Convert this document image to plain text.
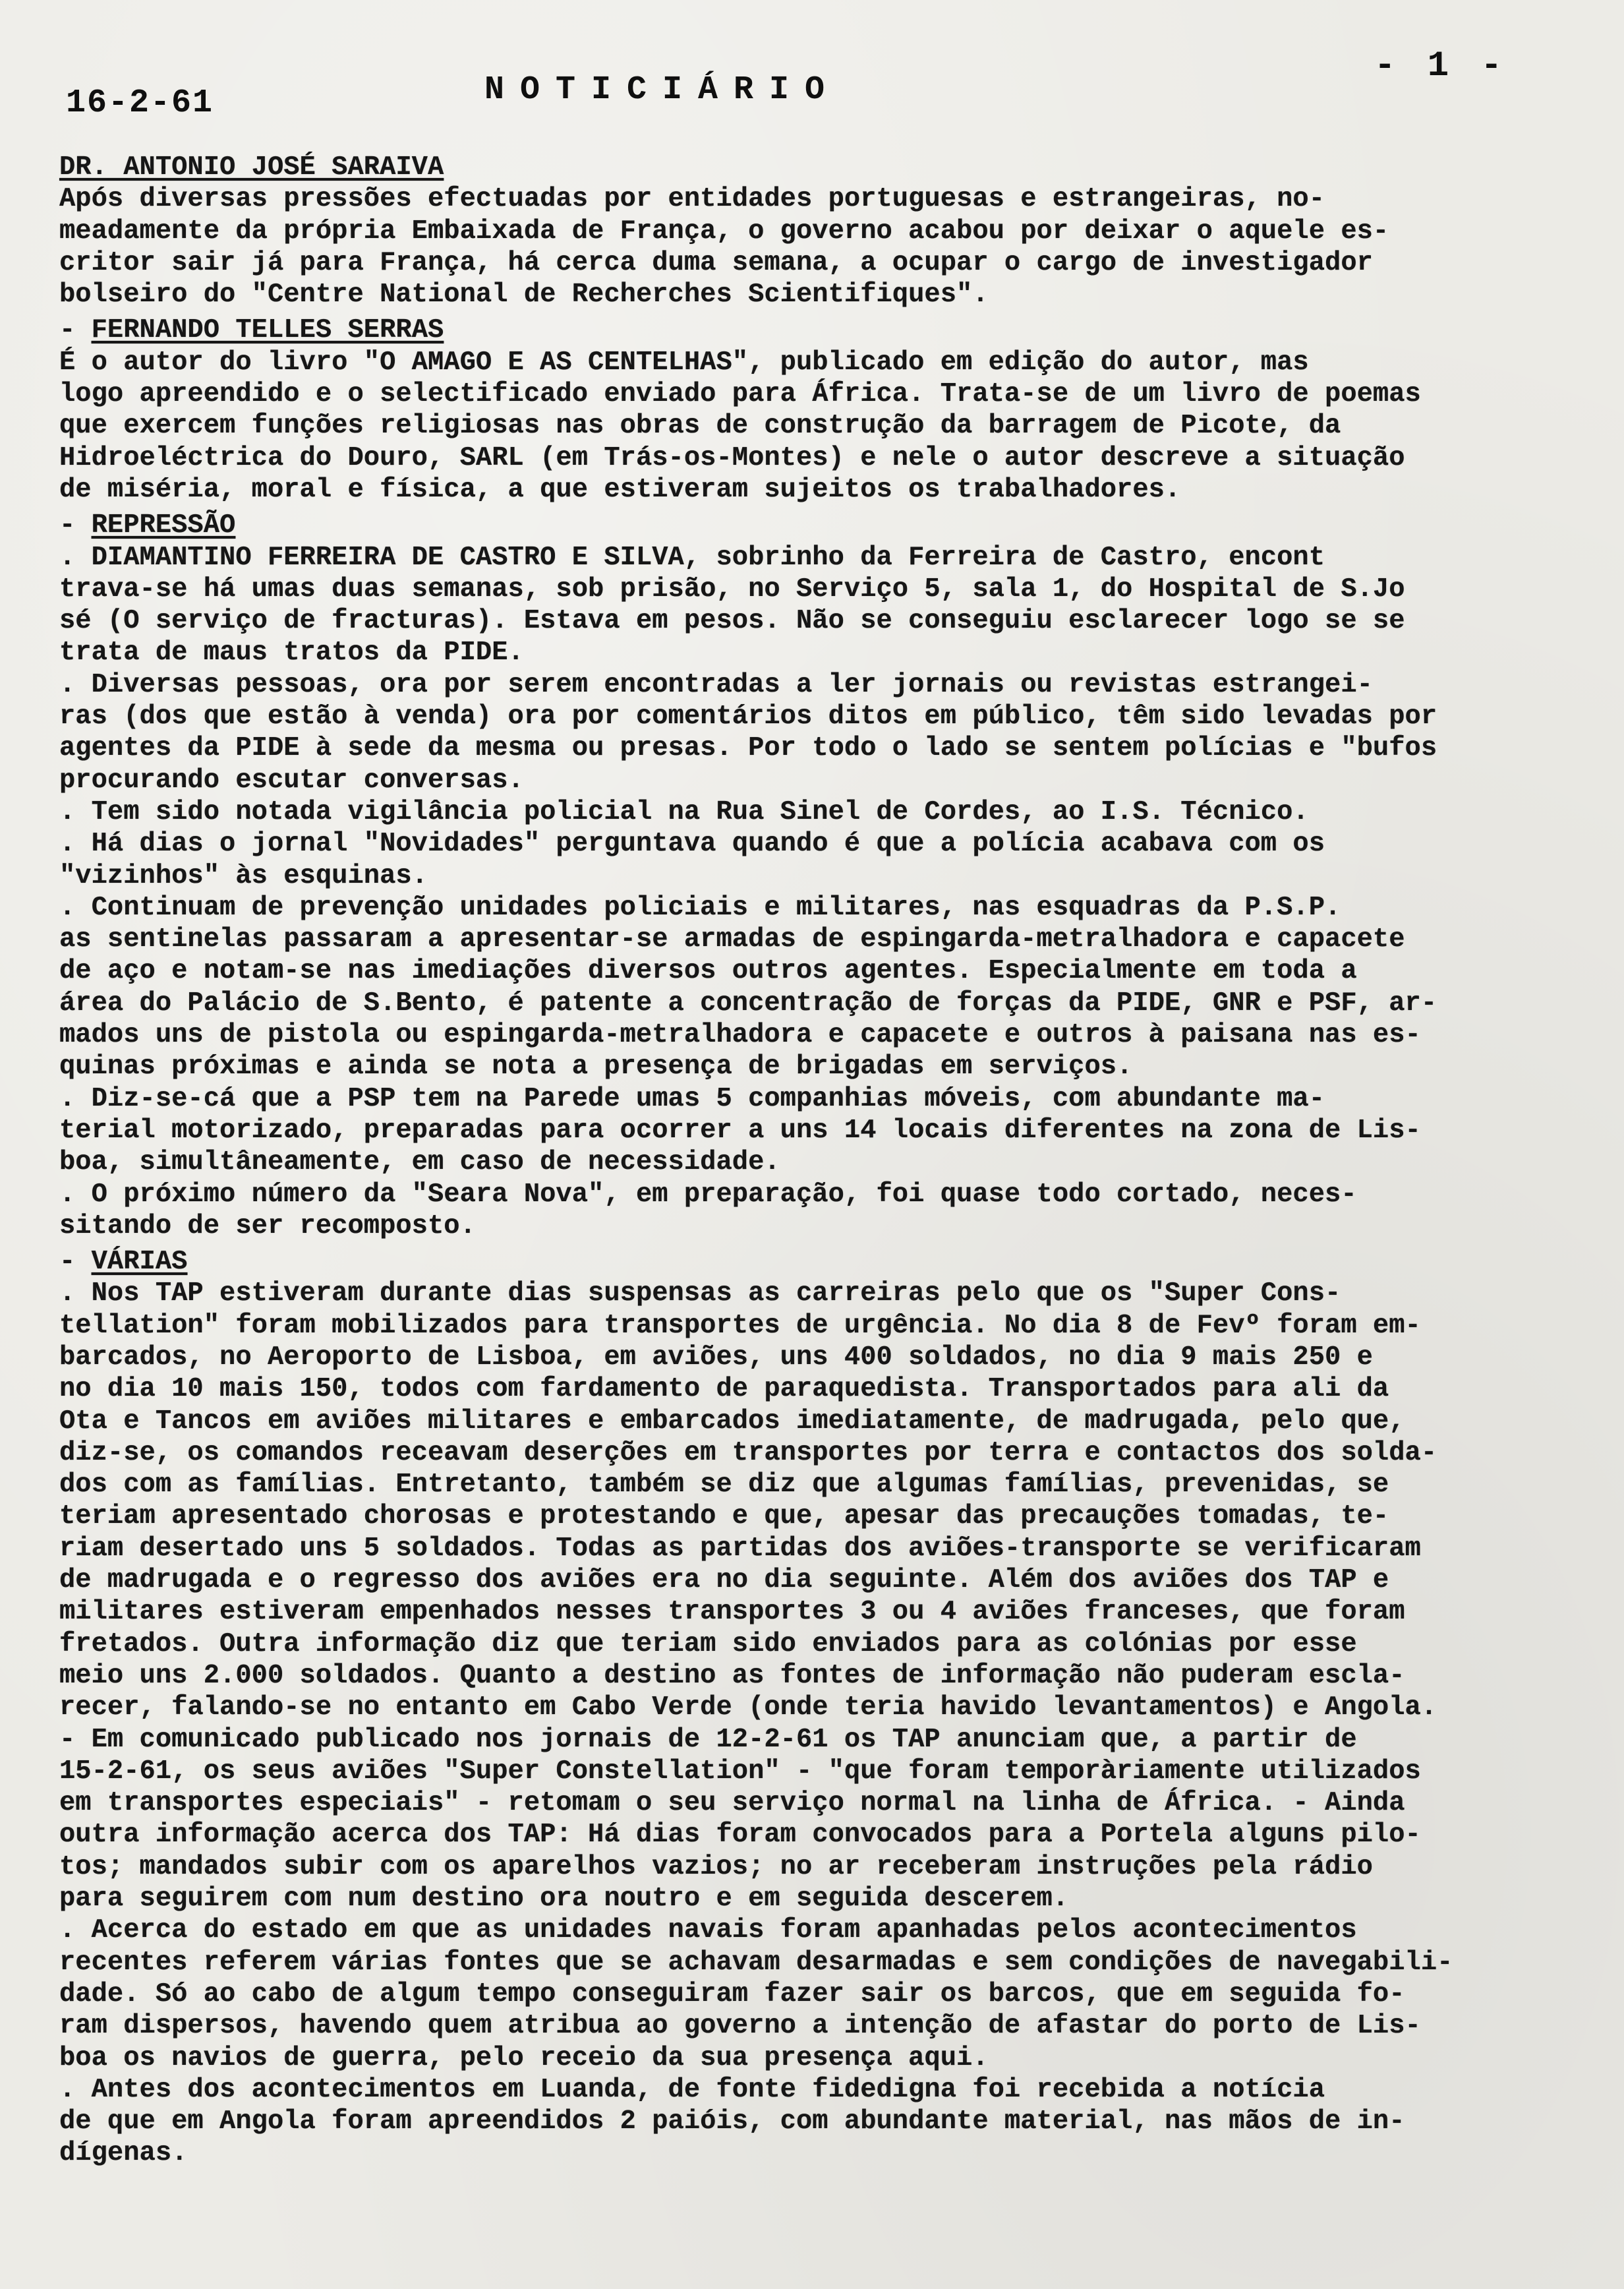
- 1 -
16-2-61	NOTICIÁRIO
DR. ANTONIO JOSÉ SARAIVA
Após diversas pressões efectuadas por entidades portuguesas e estrangeiras, no-
meadamente da própria Embaixada de França, o governo acabou por deixar o aquele es-
critor sair já para França, há cerca duma semana, a ocupar o cargo de investigador
bolseiro do "Centre National de Recherches Scientifiques".
- FERNANDO TELLES SERRAS
É o autor do livro "O AMAGO E AS CENTELHAS", publicado em edição do autor, mas
logo apreendido e o selectificado enviado para África. Trata-se de um livro de poemas
que exercem funções religiosas nas obras de construção da barragem de Picote, da
Hidroeléctrica do Douro, SARL (em Trás-os-Montes) e nele o autor descreve a situação
de miséria, moral e física, a que estiveram sujeitos os trabalhadores.
- REPRESSÃO
. DIAMANTINO FERREIRA DE CASTRO E SILVA, sobrinho da Ferreira de Castro, encont
trava-se há umas duas semanas, sob prisão, no Serviço 5, sala 1, do Hospital de S.Jo
sé (O serviço de fracturas). Estava em pesos. Não se conseguiu esclarecer logo se se
trata de maus tratos da PIDE.
. Diversas pessoas, ora por serem encontradas a ler jornais ou revistas estrangei-
ras (dos que estão à venda) ora por comentários ditos em público, têm sido levadas por
agentes da PIDE à sede da mesma ou presas. Por todo o lado se sentem polícias e "bufos
procurando escutar conversas.
. Tem sido notada vigilância policial na Rua Sinel de Cordes, ao I.S. Técnico.
. Há dias o jornal "Novidades" perguntava quando é que a polícia acabava com os
"vizinhos" às esquinas.
. Continuam de prevenção unidades policiais e militares, nas esquadras da P.S.P.
as sentinelas passaram a apresentar-se armadas de espingarda-metralhadora e capacete
de aço e notam-se nas imediações diversos outros agentes. Especialmente em toda a
área do Palácio de S.Bento, é patente a concentração de forças da PIDE, GNR e PSF, ar-
mados uns de pistola ou espingarda-metralhadora e capacete e outros à paisana nas es-
quinas próximas e ainda se nota a presença de brigadas em serviços.
. Diz-se-cá que a PSP tem na Parede umas 5 companhias móveis, com abundante ma-
terial motorizado, preparadas para ocorrer a uns 14 locais diferentes na zona de Lis-
boa, simultâneamente, em caso de necessidade.
. O próximo número da "Seara Nova", em preparação, foi quase todo cortado, neces-
sitando de ser recomposto.
- VÁRIAS
. Nos TAP estiveram durante dias suspensas as carreiras pelo que os "Super Cons-
tellation" foram mobilizados para transportes de urgência. No dia 8 de Fevº foram em-
barcados, no Aeroporto de Lisboa, em aviões, uns 400 soldados, no dia 9 mais 250 e
no dia 10 mais 150, todos com fardamento de paraquedista. Transportados para ali da
Ota e Tancos em aviões militares e embarcados imediatamente, de madrugada, pelo que,
diz-se, os comandos receavam deserções em transportes por terra e contactos dos solda-
dos com as famílias. Entretanto, também se diz que algumas famílias, prevenidas, se
teriam apresentado chorosas e protestando e que, apesar das precauções tomadas, te-
riam desertado uns 5 soldados. Todas as partidas dos aviões-transporte se verificaram
de madrugada e o regresso dos aviões era no dia seguinte. Além dos aviões dos TAP e
militares estiveram empenhados nesses transportes 3 ou 4 aviões franceses, que foram
fretados. Outra informação diz que teriam sido enviados para as colónias por esse
meio uns 2.000 soldados. Quanto a destino as fontes de informação não puderam escla-
recer, falando-se no entanto em Cabo Verde (onde teria havido levantamentos) e Angola.
- Em comunicado publicado nos jornais de 12-2-61 os TAP anunciam que, a partir de
15-2-61, os seus aviões "Super Constellation" - "que foram temporàriamente utilizados
em transportes especiais" - retomam o seu serviço normal na linha de África. - Ainda
outra informação acerca dos TAP: Há dias foram convocados para a Portela alguns pilo-
tos; mandados subir com os aparelhos vazios; no ar receberam instruções pela rádio
para seguirem com num destino ora noutro e em seguida descerem.
. Acerca do estado em que as unidades navais foram apanhadas pelos acontecimentos
recentes referem várias fontes que se achavam desarmadas e sem condições de navegabili-
dade. Só ao cabo de algum tempo conseguiram fazer sair os barcos, que em seguida fo-
ram dispersos, havendo quem atribua ao governo a intenção de afastar do porto de Lis-
boa os navios de guerra, pelo receio da sua presença aqui.
. Antes dos acontecimentos em Luanda, de fonte fidedigna foi recebida a notícia
de que em Angola foram apreendidos 2 paióis, com abundante material, nas mãos de in-
dígenas.
